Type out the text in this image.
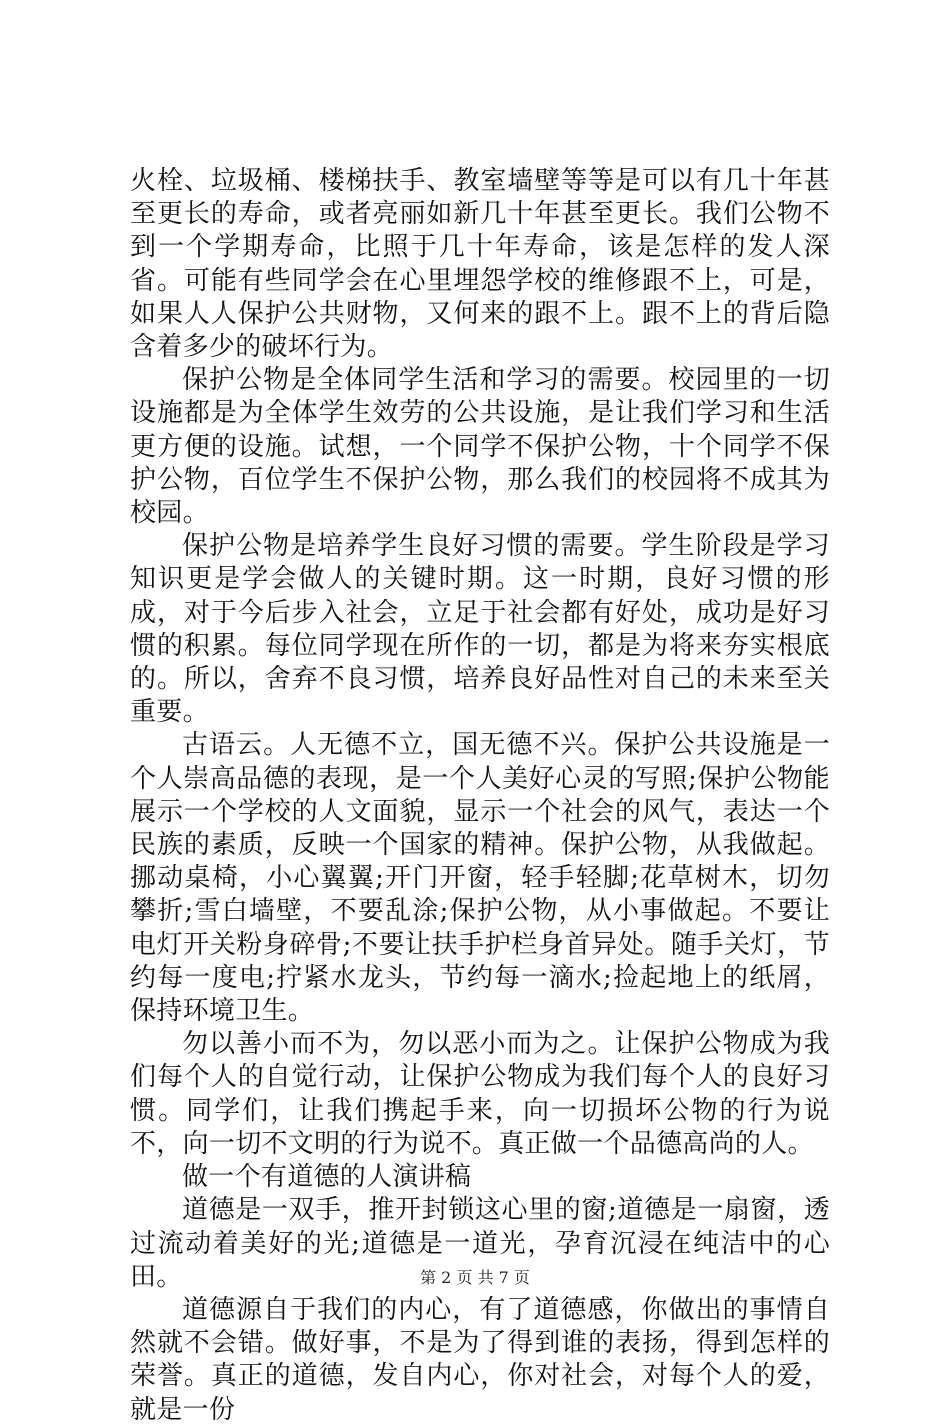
火栓、垃圾桶、楼梯扶手、教室墙壁等等是可以有几十年甚至更长的寿命，或者亮丽如新几十年甚至更长。我们公物不到一个学期寿命，比照于几十年寿命，该是怎样的发人深省。可能有些同学会在心里埋怨学校的维修跟不上，可是，如果人人保护公共财物，又何来的跟不上。跟不上的背后隐含着多少的破坏行为。

保护公物是全体同学生活和学习的需要。校园里的一切设施都是为全体学生效劳的公共设施，是让我们学习和生活更方便的设施。试想，一个同学不保护公物，十个同学不保护公物，百位学生不保护公物，那么我们的校园将不成其为校园。

保护公物是培养学生良好习惯的需要。学生阶段是学习知识更是学会做人的关键时期。这一时期，良好习惯的形成，对于今后步入社会，立足于社会都有好处，成功是好习惯的积累。每位同学现在所作的一切，都是为将来夯实根底的。所以，舍弃不良习惯，培养良好品性对自己的未来至关重要。

古语云。人无德不立，国无德不兴。保护公共设施是一个人崇高品德的表现，是一个人美好心灵的写照;保护公物能展示一个学校的人文面貌，显示一个社会的风气，表达一个民族的素质，反映一个国家的精神。保护公物，从我做起。挪动桌椅，小心翼翼;开门开窗，轻手轻脚;花草树木，切勿攀折;雪白墙壁，不要乱涂;保护公物，从小事做起。不要让电灯开关粉身碎骨;不要让扶手护栏身首异处。随手关灯，节约每一度电;拧紧水龙头，节约每一滴水;捡起地上的纸屑，保持环境卫生。

勿以善小而不为，勿以恶小而为之。让保护公物成为我们每个人的自觉行动，让保护公物成为我们每个人的良好习惯。同学们，让我们携起手来，向一切损坏公物的行为说不，向一切不文明的行为说不。真正做一个品德高尚的人。

做一个有道德的人演讲稿

道德是一双手，推开封锁这心里的窗;道德是一扇窗，透过流动着美好的光;道德是一道光，孕育沉浸在纯洁中的心田。

道德源自于我们的内心，有了道德感，你做出的事情自然就不会错。做好事，不是为了得到谁的表扬，得到怎样的荣誉。真正的道德，发自内心，你对社会，对每个人的爱，就是一份

第 2 页 共 7 页
